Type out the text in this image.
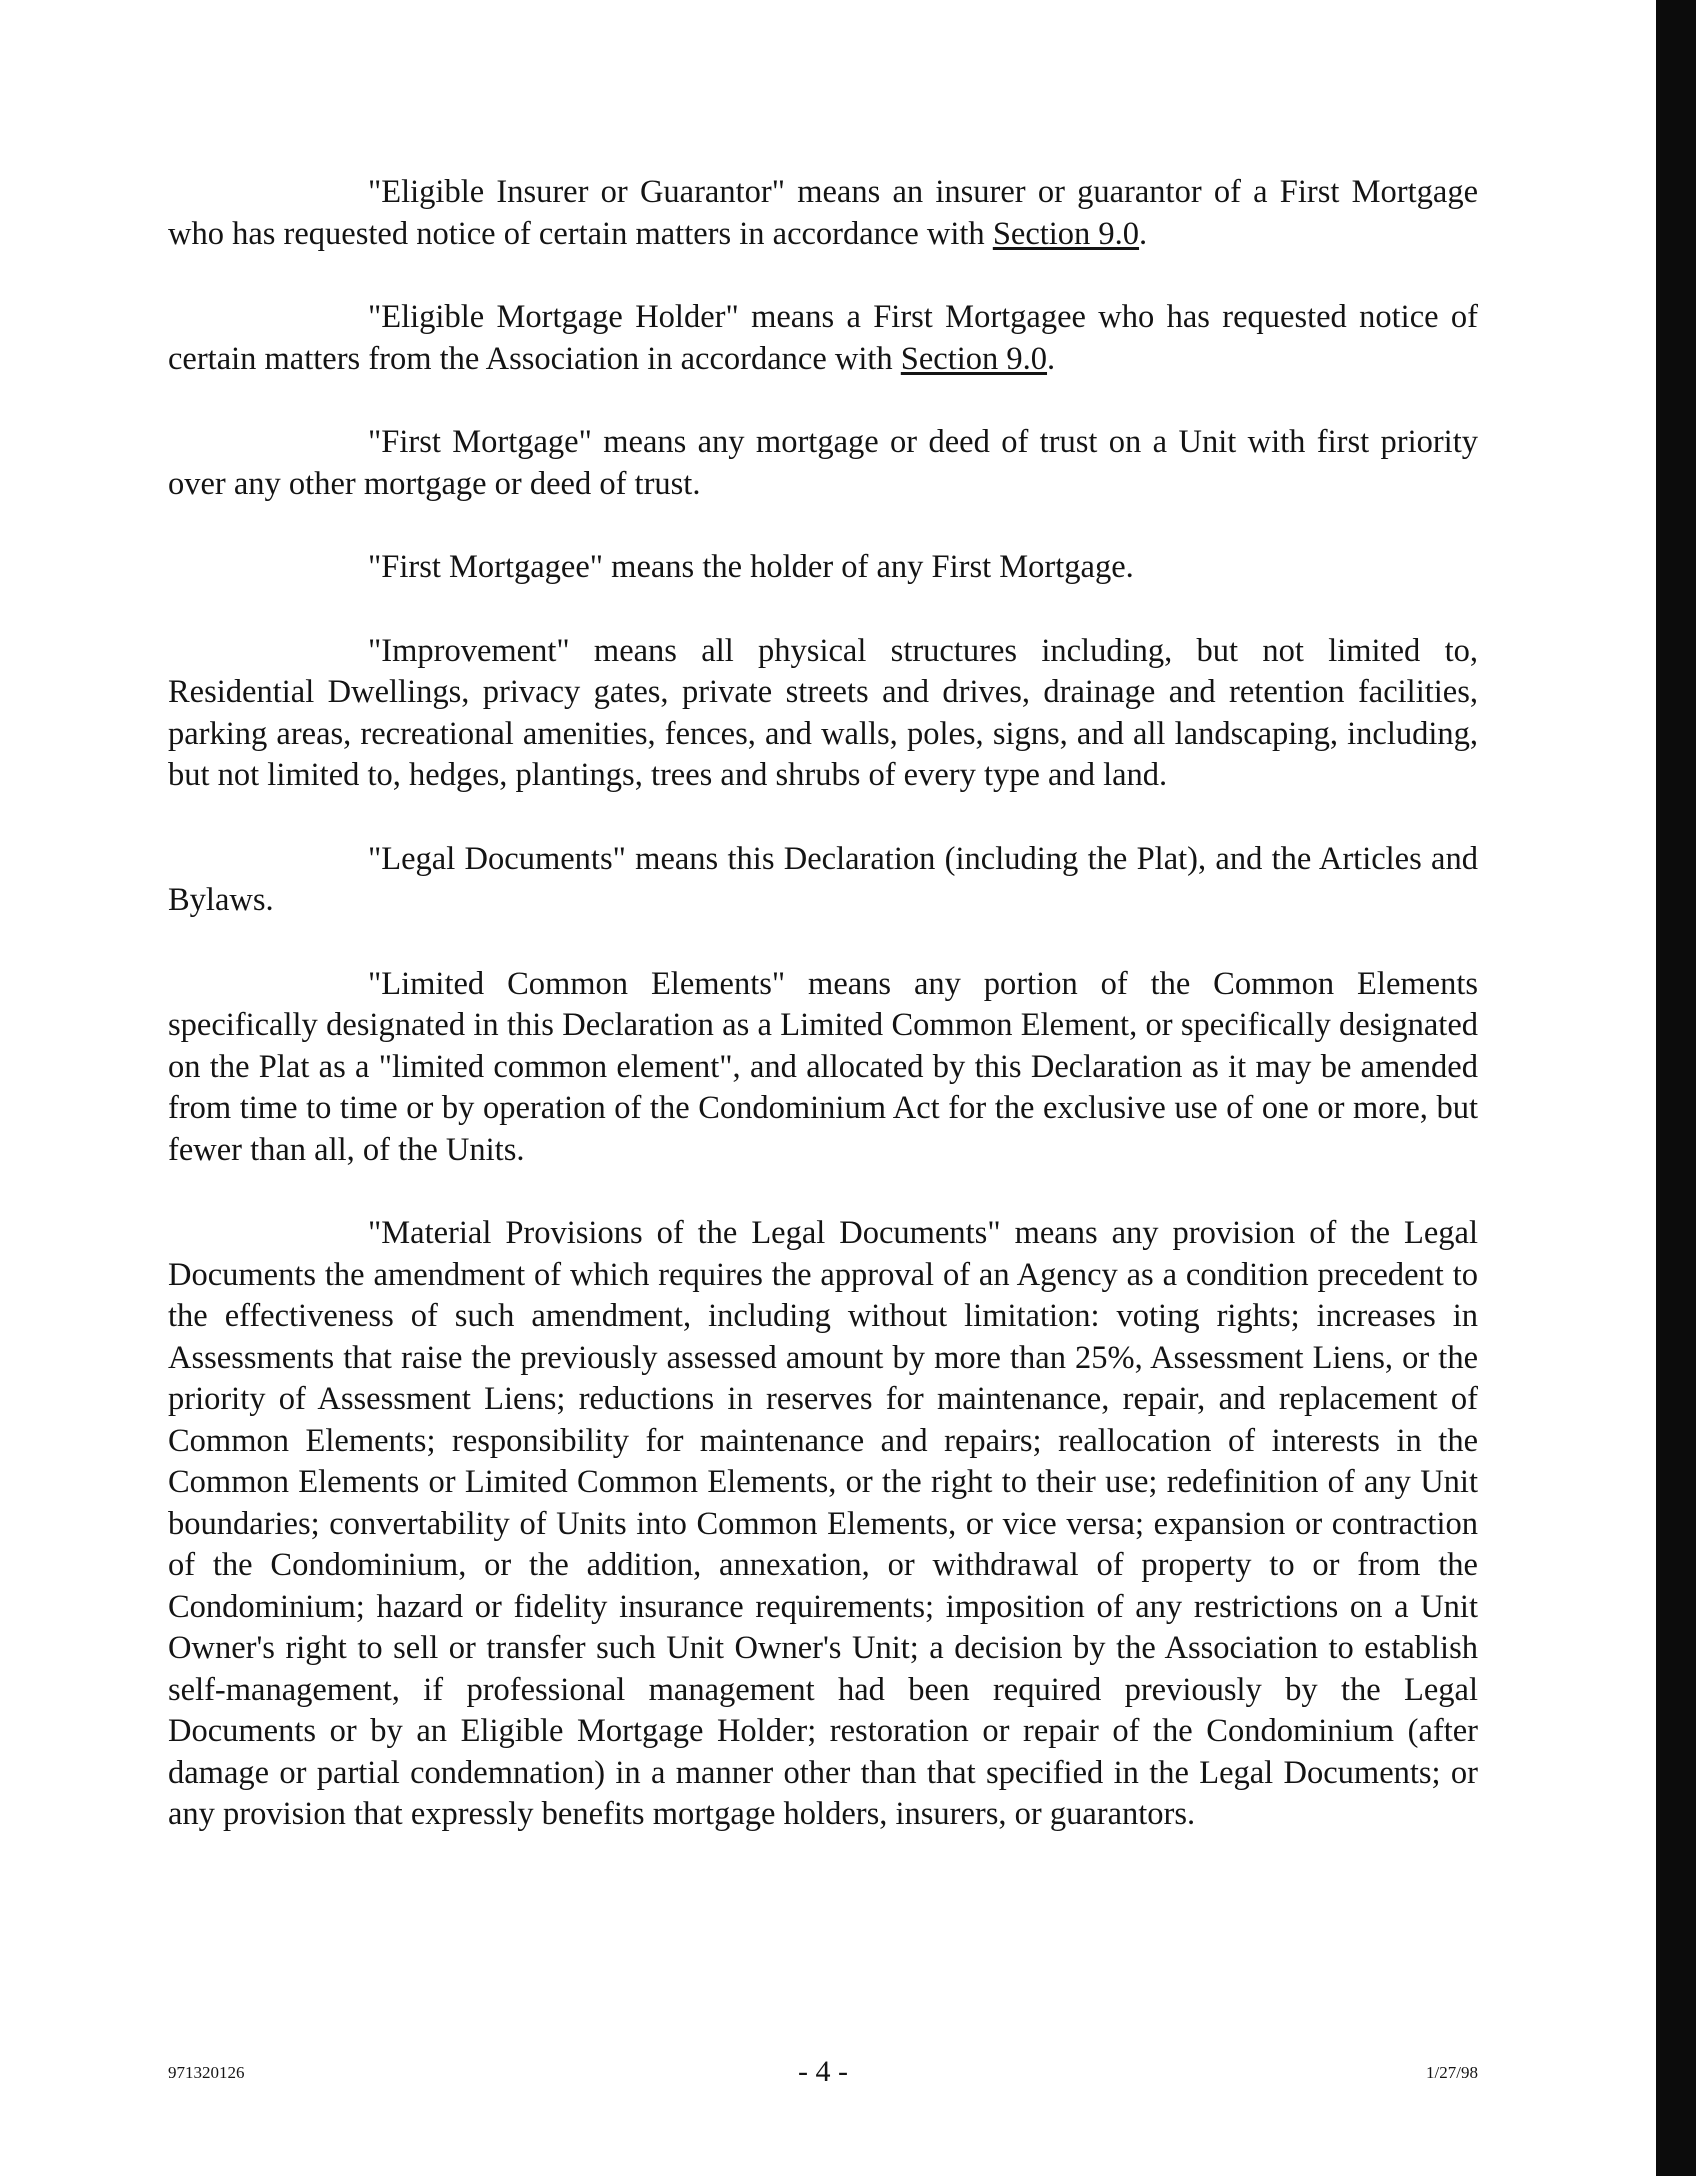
"Eligible Insurer or Guarantor" means an insurer or guarantor of a First Mortgage who has requested notice of certain matters in accordance with Section 9.0.

"Eligible Mortgage Holder" means a First Mortgagee who has requested notice of certain matters from the Association in accordance with Section 9.0.

"First Mortgage" means any mortgage or deed of trust on a Unit with first priority over any other mortgage or deed of trust.

"First Mortgagee" means the holder of any First Mortgage.

"Improvement" means all physical structures including, but not limited to, Residential Dwellings, privacy gates, private streets and drives, drainage and retention facilities, parking areas, recreational amenities, fences, and walls, poles, signs, and all landscaping, including, but not limited to, hedges, plantings, trees and shrubs of every type and land.

"Legal Documents" means this Declaration (including the Plat), and the Articles and Bylaws.

"Limited Common Elements" means any portion of the Common Elements specifically designated in this Declaration as a Limited Common Element, or specifically designated on the Plat as a "limited common element", and allocated by this Declaration as it may be amended from time to time or by operation of the Condominium Act for the exclusive use of one or more, but fewer than all, of the Units.

"Material Provisions of the Legal Documents" means any provision of the Legal Documents the amendment of which requires the approval of an Agency as a condition precedent to the effectiveness of such amendment, including without limitation: voting rights; increases in Assessments that raise the previously assessed amount by more than 25%, Assessment Liens, or the priority of Assessment Liens; reductions in reserves for maintenance, repair, and replacement of Common Elements; responsibility for maintenance and repairs; reallocation of interests in the Common Elements or Limited Common Elements, or the right to their use; redefinition of any Unit boundaries; convertability of Units into Common Elements, or vice versa; expansion or contraction of the Condominium, or the addition, annexation, or withdrawal of property to or from the Condominium; hazard or fidelity insurance requirements; imposition of any restrictions on a Unit Owner's right to sell or transfer such Unit Owner's Unit; a decision by the Association to establish self-management, if professional management had been required previously by the Legal Documents or by an Eligible Mortgage Holder; restoration or repair of the Condominium (after damage or partial condemnation) in a manner other than that specified in the Legal Documents; or any provision that expressly benefits mortgage holders, insurers, or guarantors.

971320126	- 4 -	1/27/98
